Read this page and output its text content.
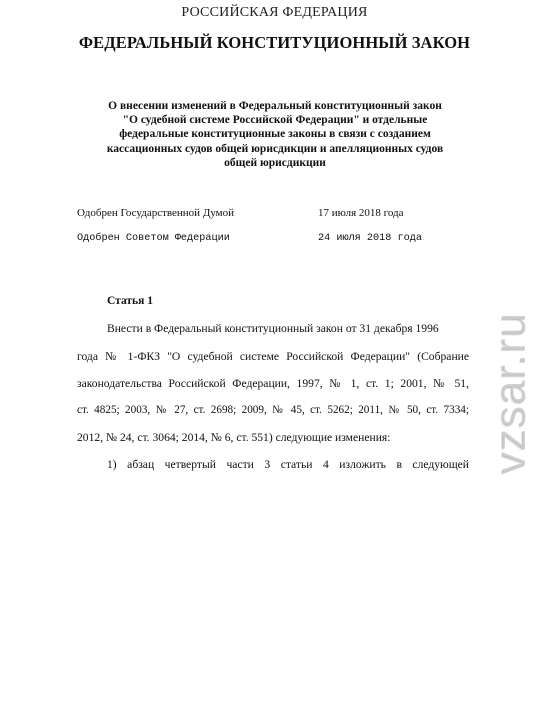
РОССИЙСКАЯ ФЕДЕРАЦИЯ
ФЕДЕРАЛЬНЫЙ КОНСТИТУЦИОННЫЙ ЗАКОН
О внесении изменений в Федеральный конституционный закон
"О судебной системе Российской Федерации" и отдельные
федеральные конституционные законы в связи с созданием
кассационных судов общей юрисдикции и апелляционных судов
общей юрисдикции
Одобрен Государственной Думой	17 июля 2018 года
Одобрен Советом Федерации	24 июля 2018 года
Статья 1
Внести в Федеральный конституционный закон от 31 декабря 1996
года № 1-ФКЗ "О судебной системе Российской Федерации" (Собрание
законодательства Российской Федерации, 1997, № 1, ст. 1; 2001, № 51,
ст. 4825; 2003, № 27, ст. 2698; 2009, № 45, ст. 5262; 2011, № 50, ст. 7334;
2012, № 24, ст. 3064; 2014, № 6, ст. 551) следующие изменения:
1) абзац четвертый части 3 статьи 4 изложить в следующей vzsar.ru
